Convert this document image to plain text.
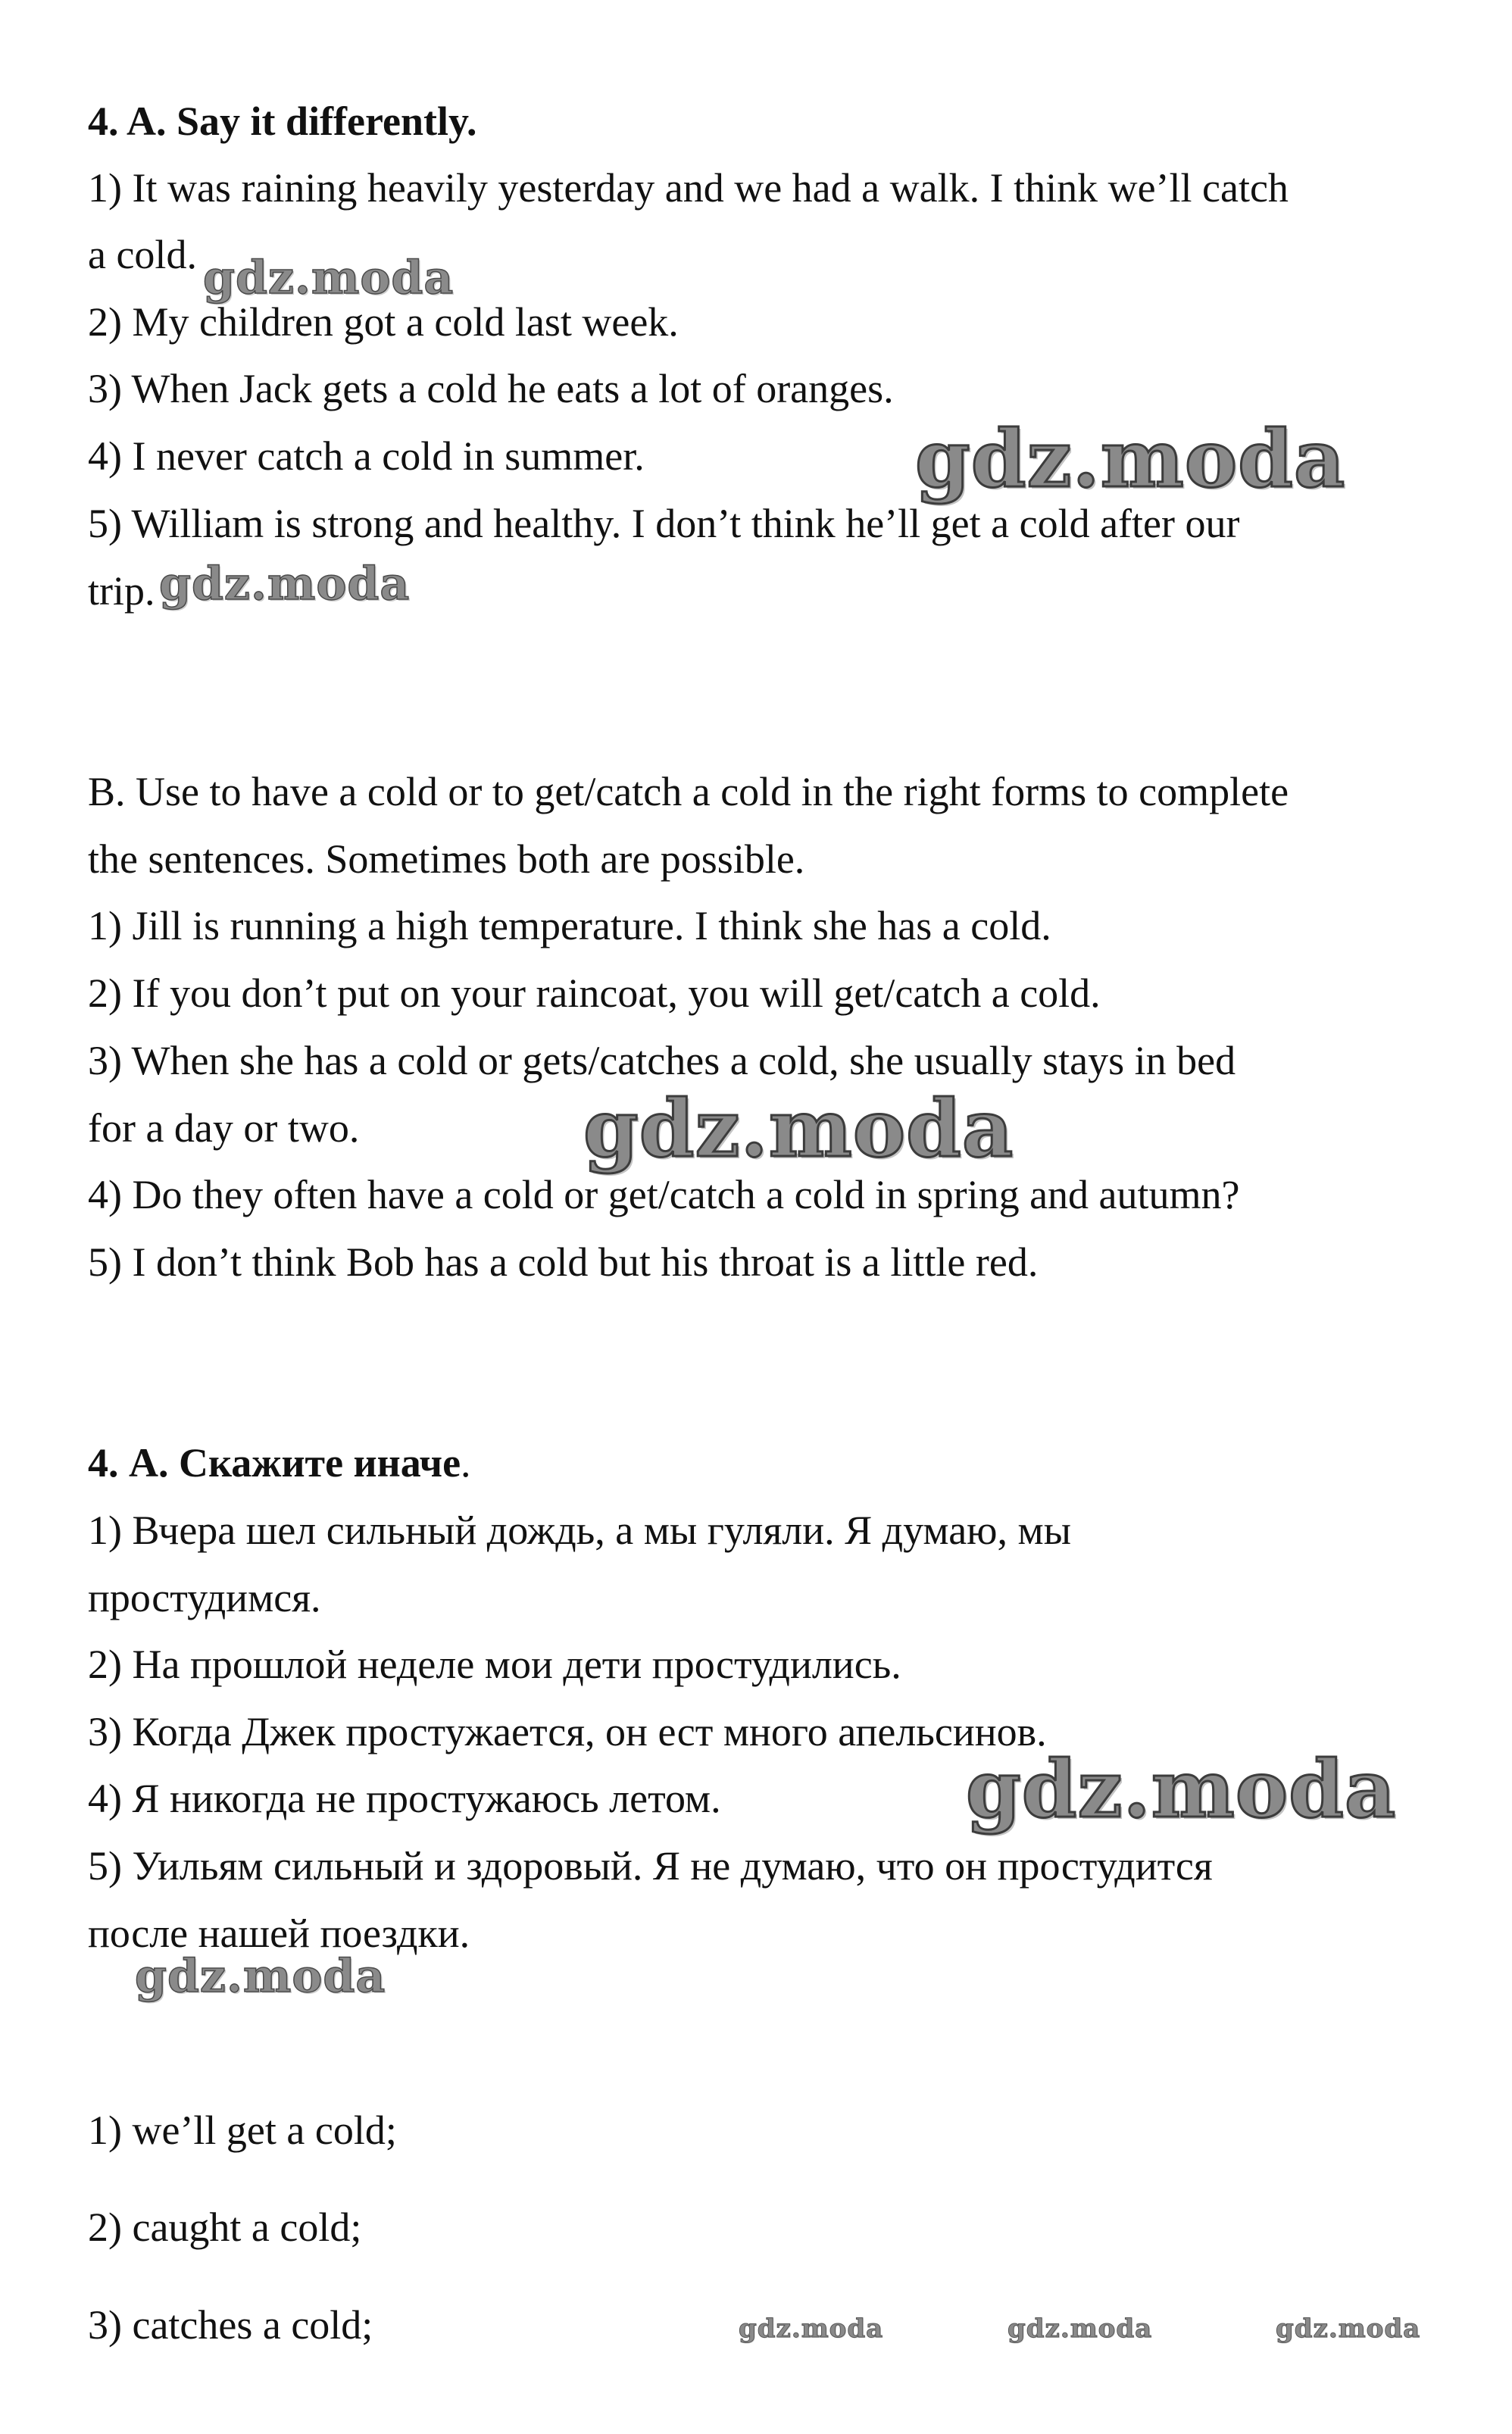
4. A. Say it differently.

1) It was raining heavily yesterday and we had a walk. I think we’ll catch

a cold.

2) My children got a cold last week.

3) When Jack gets a cold he eats a lot of oranges.

4) I never catch a cold in summer.

5) William is strong and healthy. I don’t think he’ll get a cold after our

trip.

B. Use to have a cold or to get/catch a cold in the right forms to complete

the sentences. Sometimes both are possible.

1) Jill is running a high temperature. I think she has a cold.

2) If you don’t put on your raincoat, you will get/catch a cold.

3) When she has a cold or gets/catches a cold, she usually stays in bed

for a day or two.

4) Do they often have a cold or get/catch a cold in spring and autumn?

5) I don’t think Bob has a cold but his throat is a little red.

4. А. Скажите иначе.

1) Вчера шел сильный дождь, а мы гуляли. Я думаю, мы

простудимся.

2) На прошлой неделе мои дети простудились.

3) Когда Джек простужается, он ест много апельсинов.

4) Я никогда не простужаюсь летом.

5) Уильям сильный и здоровый. Я не думаю, что он простудится

после нашей поездки.

1) we’ll get a cold;

2) caught a cold;

3) catches a cold;

gdz.moda

gdz.moda

gdz.moda

gdz.moda

gdz.moda

gdz.moda

gdz.moda	gdz.moda	gdz.moda
